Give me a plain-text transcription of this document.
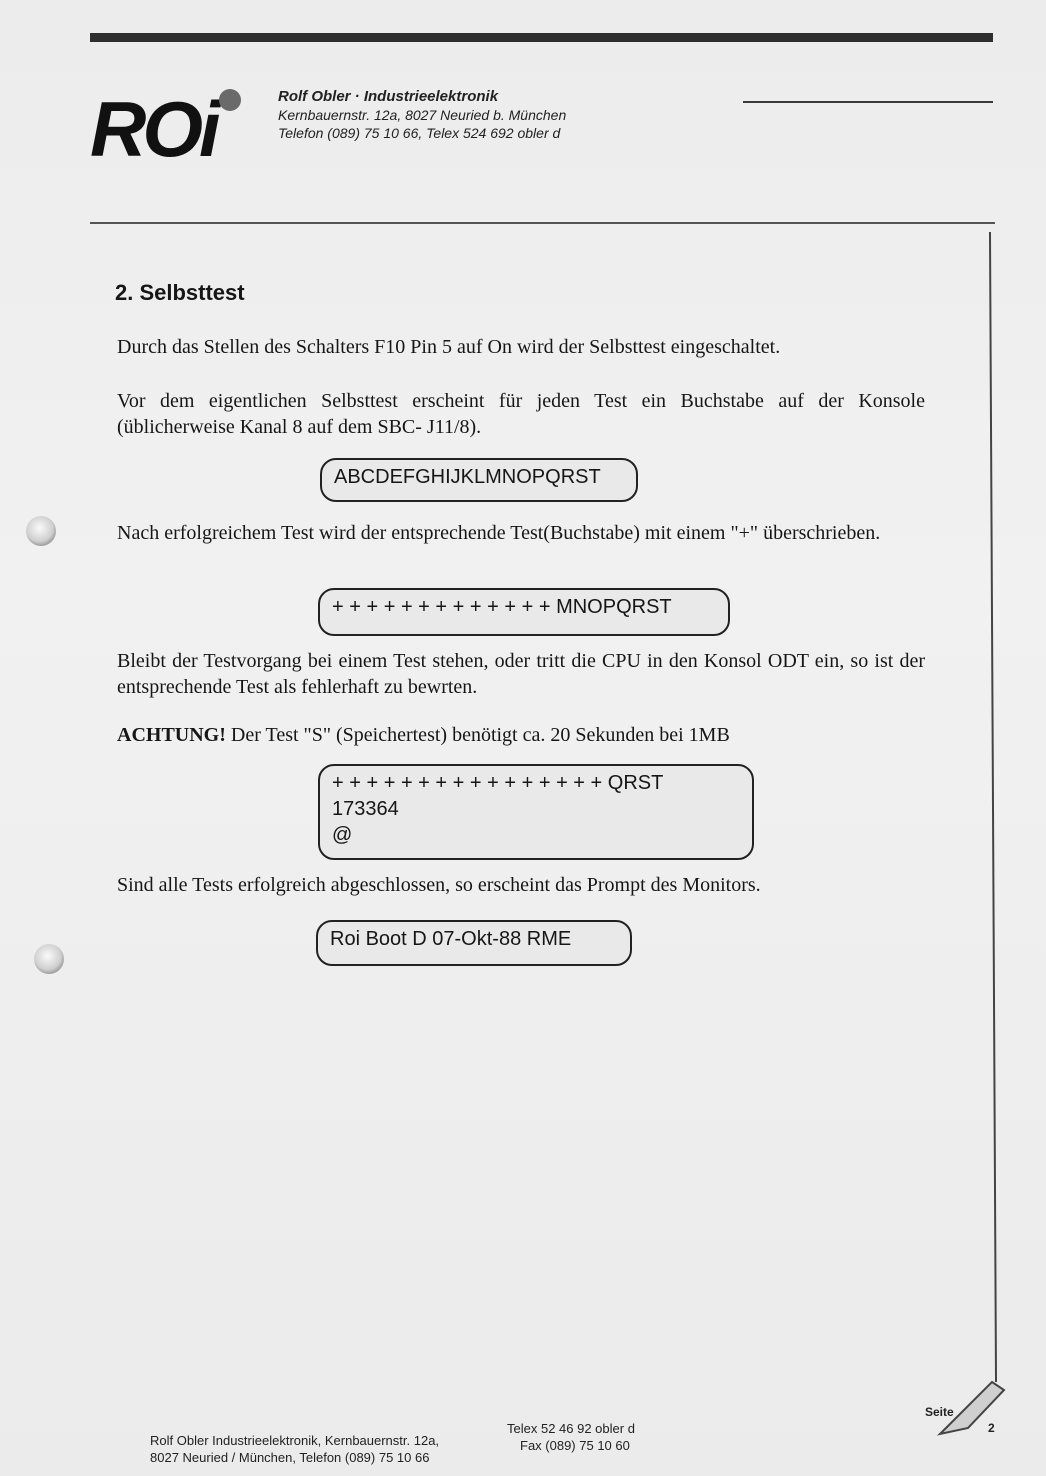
ROi	Rolf Obler · Industrieelektronik
Kernbauernstr. 12a, 8027 Neuried b. München
Telefon (089) 75 10 66, Telex 524 692 obler d
2. Selbsttest
Durch das Stellen des Schalters F10 Pin 5 auf On wird der Selbsttest eingeschaltet.
Vor dem eigentlichen Selbsttest erscheint für jeden Test ein Buchstabe auf der Konsole (üblicherweise Kanal 8 auf dem SBC- J11/8).
ABCDEFGHIJKLMNOPQRST
Nach erfolgreichem Test wird der entsprechende Test(Buchstabe) mit einem "+" überschrieben.
+ + + + + + + + + + + + + MNOPQRST
Bleibt der Testvorgang bei einem Test stehen, oder tritt die CPU in den Konsol ODT ein, so ist der entsprechende Test als fehlerhaft zu bewrten.
ACHTUNG! Der Test "S" (Speichertest) benötigt ca. 20 Sekunden bei 1MB
+ + + + + + + + + + + + + + + + QRST
173364
@
Sind alle Tests erfolgreich abgeschlossen, so erscheint das Prompt des Monitors.
Roi Boot D 07-Okt-88 RME
Rolf Obler Industrieelektronik, Kernbauernstr. 12a,
8027 Neuried / München, Telefon (089) 75 10 66
Telex 52 46 92 obler d
Fax (089) 75 10 60
Seite
2
